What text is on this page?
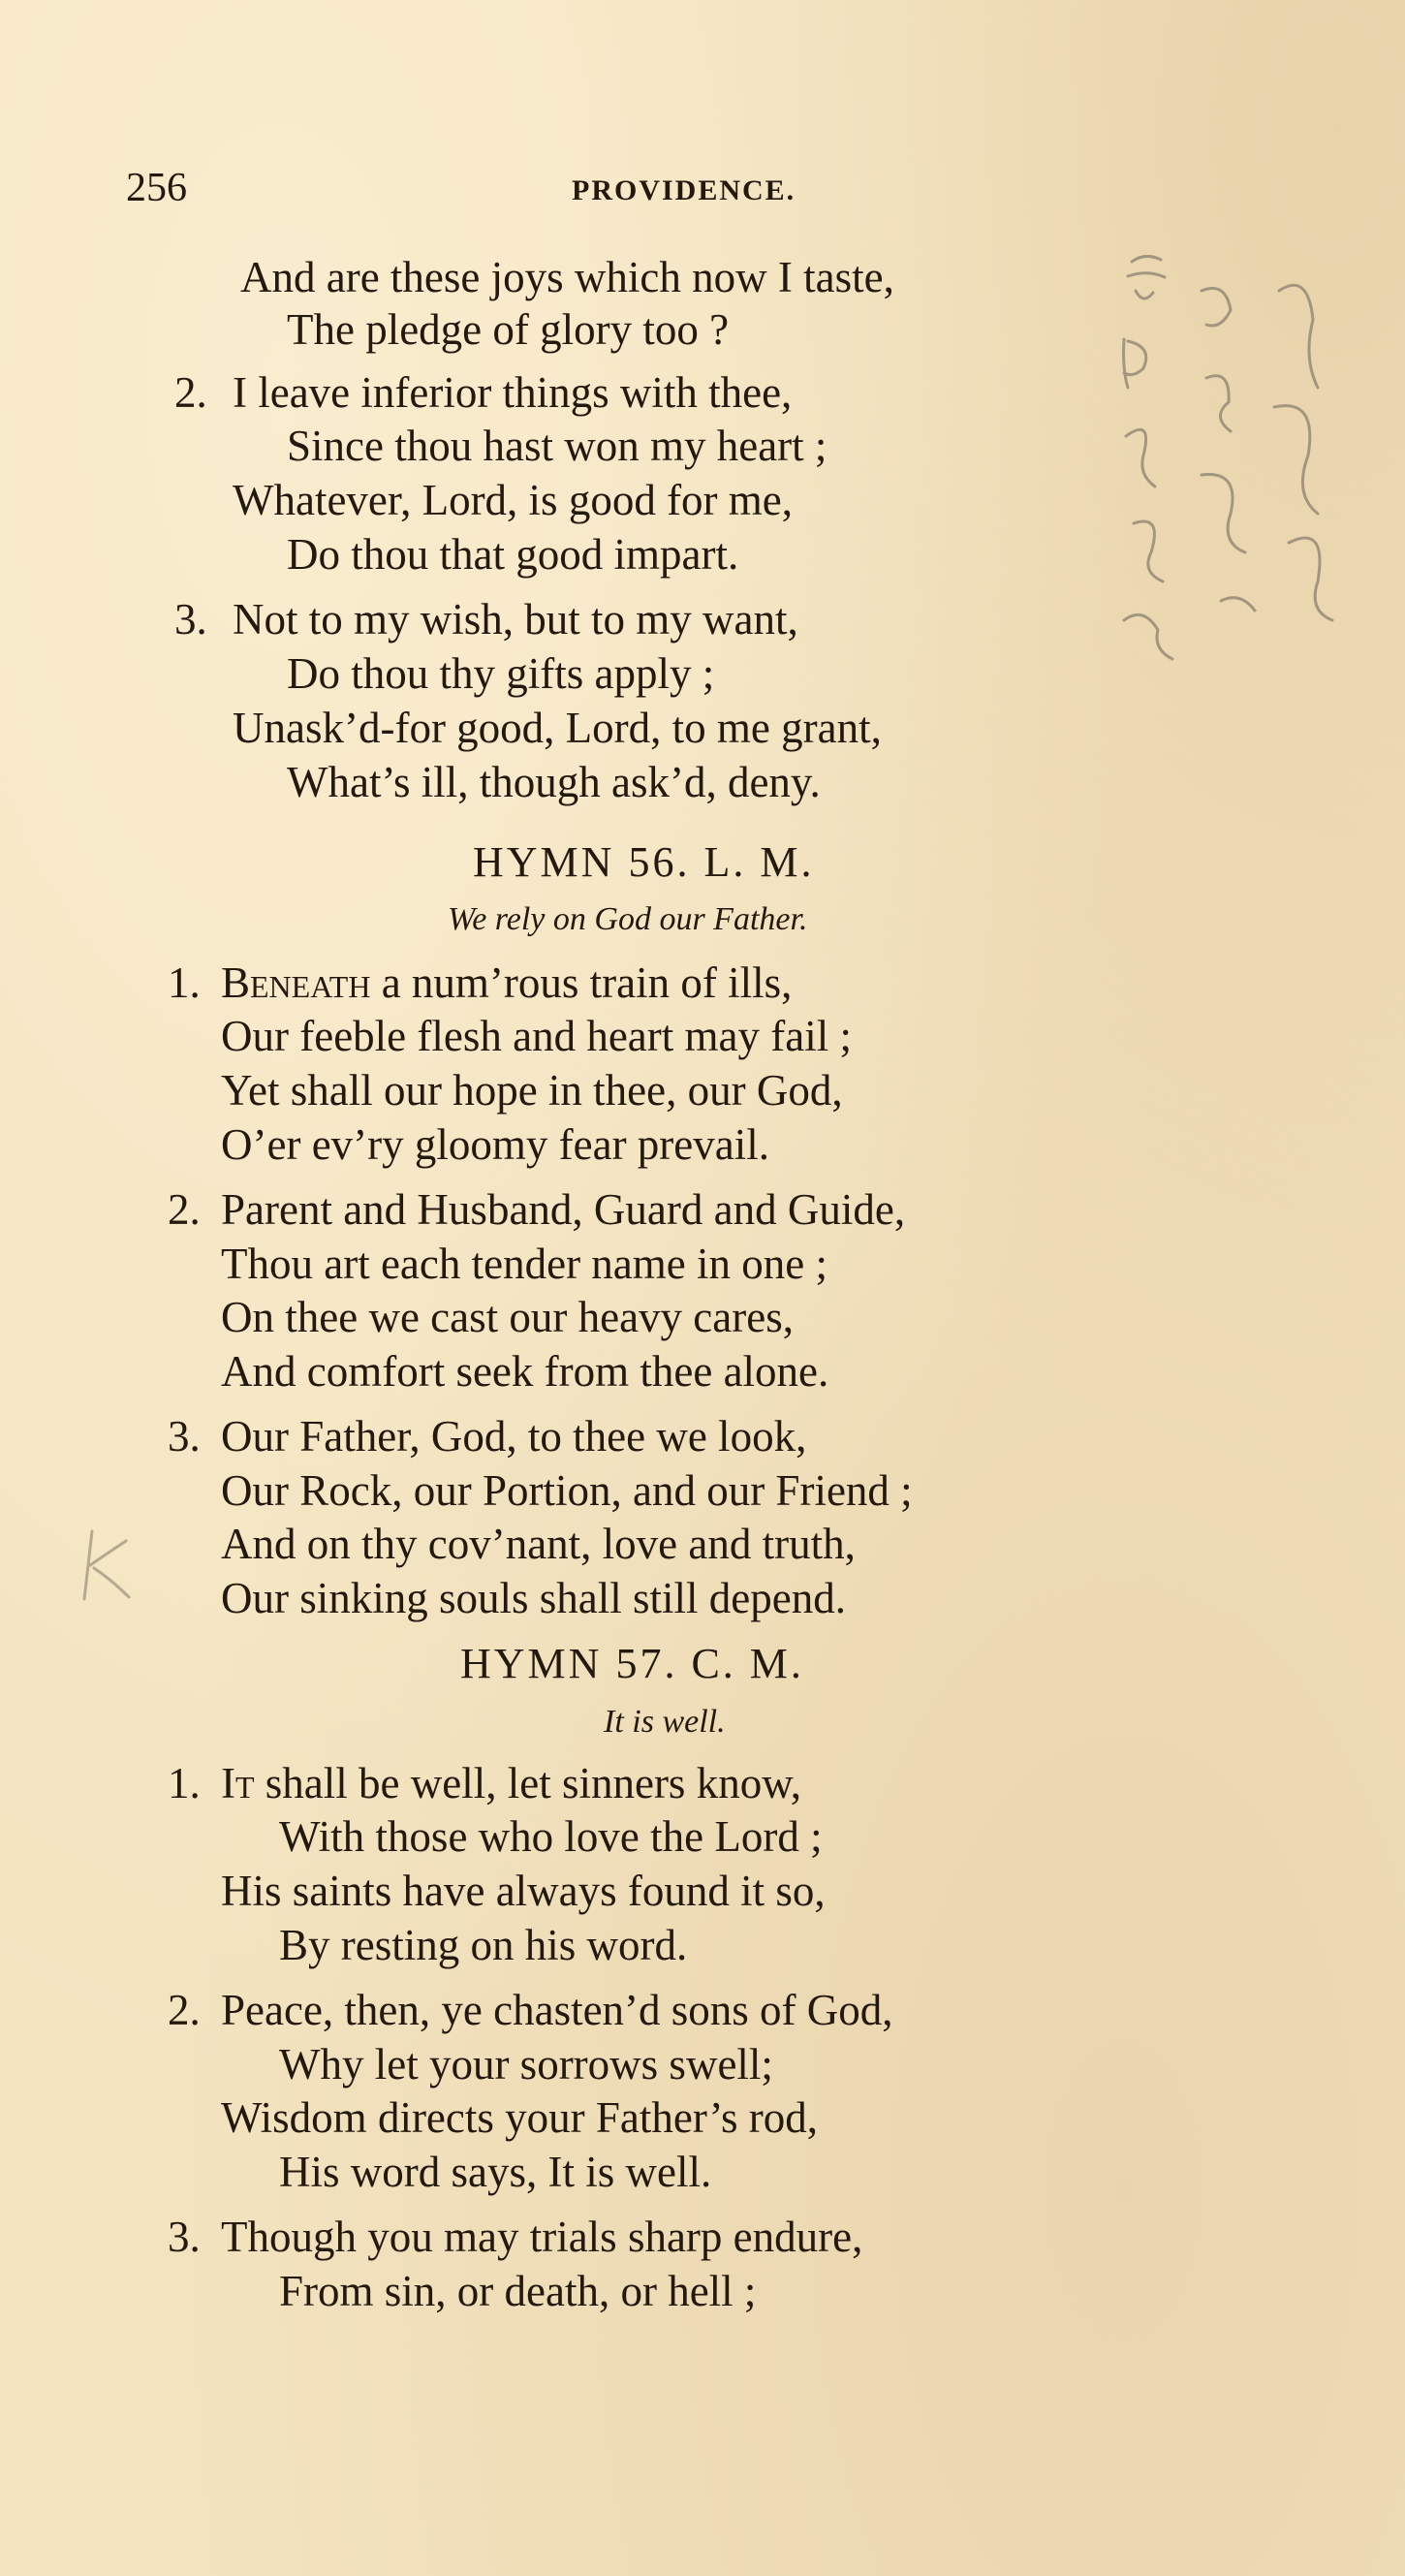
256	PROVIDENCE.
And are these joys which now I taste,
The pledge of glory too ?
2. I leave inferior things with thee,
Since thou hast won my heart ;
Whatever, Lord, is good for me,
Do thou that good impart.
3. Not to my wish, but to my want,
Do thou thy gifts apply ;
Unask’d-for good, Lord, to me grant,
What’s ill, though ask’d, deny.
HYMN 56. L. M.
We rely on God our Father.
1. Beneath a num’rous train of ills,
Our feeble flesh and heart may fail ;
Yet shall our hope in thee, our God,
O’er ev’ry gloomy fear prevail.
2. Parent and Husband, Guard and Guide,
Thou art each tender name in one ;
On thee we cast our heavy cares,
And comfort seek from thee alone.
3. Our Father, God, to thee we look,
Our Rock, our Portion, and our Friend ;
And on thy cov’nant, love and truth,
Our sinking souls shall still depend.
HYMN 57. C. M.
It is well.
1. It shall be well, let sinners know,
With those who love the Lord ;
His saints have always found it so,
By resting on his word.
2. Peace, then, ye chasten’d sons of God,
Why let your sorrows swell;
Wisdom directs your Father’s rod,
His word says, It is well.
3. Though you may trials sharp endure,
From sin, or death, or hell ;
